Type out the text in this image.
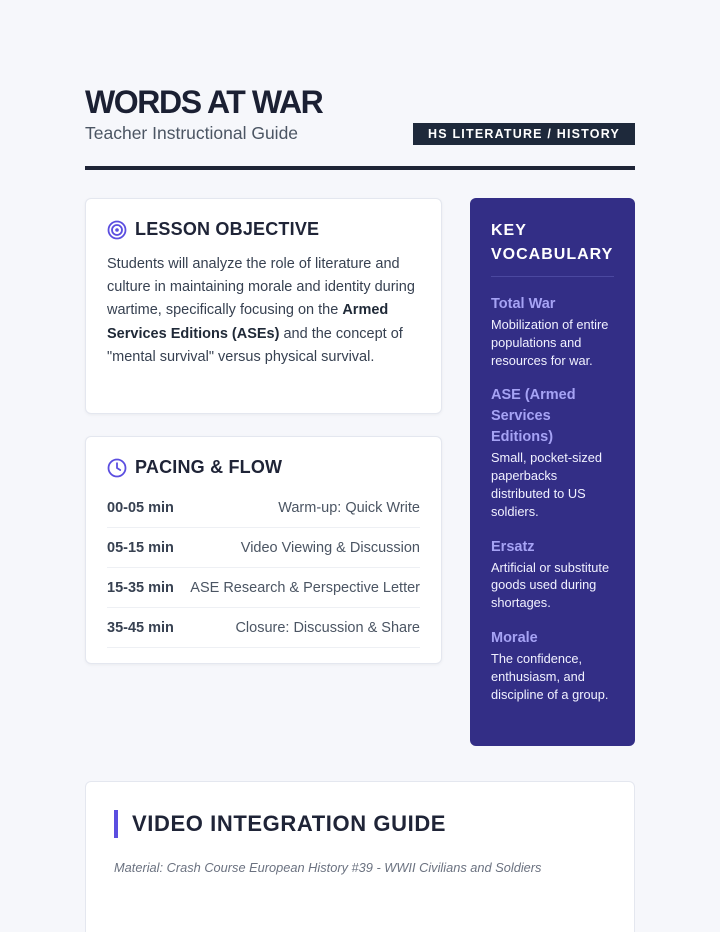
WORDS AT WAR
Teacher Instructional Guide	HS LITERATURE / HISTORY
LESSON OBJECTIVE

Students will analyze the role of literature and culture in maintaining morale and identity during wartime, specifically focusing on the Armed Services Editions (ASEs) and the concept of "mental survival" versus physical survival.

PACING & FLOW
00-05 min	Warm-up: Quick Write
05-15 min	Video Viewing & Discussion
15-35 min ASE Research & Perspective Letter
35-45 min	Closure: Discussion & Share
KEY VOCABULARY
Total War
Mobilization of entire populations and resources for war.
ASE (Armed Services Editions)
Small, pocket-sized paperbacks distributed to US soldiers.
Ersatz
Artificial or substitute goods used during shortages.
Morale
The confidence, enthusiasm, and discipline of a group.
VIDEO INTEGRATION GUIDE
Material: Crash Course European History #39 - WWII Civilians and Soldiers
